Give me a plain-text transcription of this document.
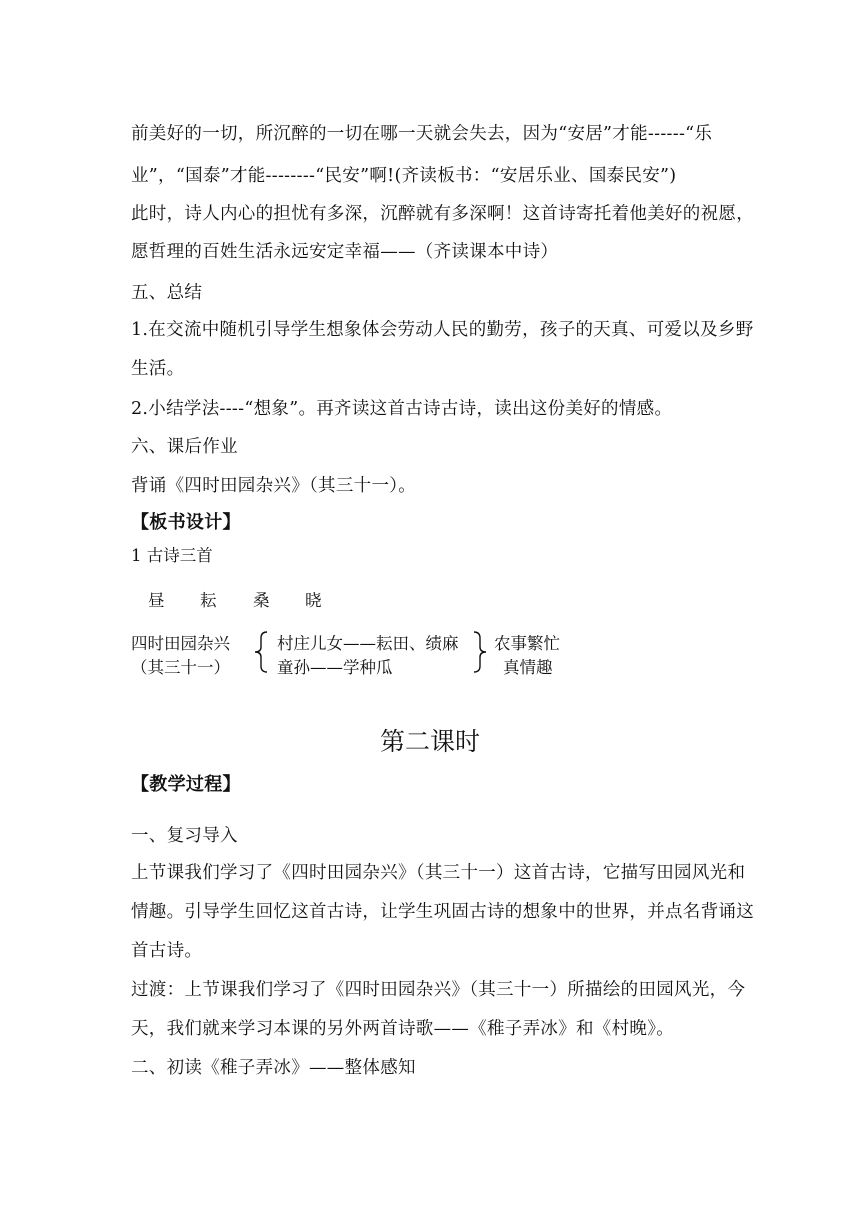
前美好的一切，所沉醉的一切在哪一天就会失去，因为“安居”才能------“乐
业”，“国泰”才能--------“民安”啊!(齐读板书：“安居乐业、国泰民安”)
此时，诗人内心的担忧有多深，沉醉就有多深啊！这首诗寄托着他美好的祝愿，
愿哲理的百姓生活永远安定幸福——（齐读课本中诗）
五、总结
1.在交流中随机引导学生想象体会劳动人民的勤劳，孩子的天真、可爱以及乡野
生活。
2.小结学法----“想象”。再齐读这首古诗古诗，读出这份美好的情感。
六、课后作业
背诵《四时田园杂兴》（其三十一）。
【板书设计】
1 古诗三首
昼 耘 桑 晓
四时田园杂兴
（其三十一）
村庄儿女——耘田、绩麻
童孙——学种瓜
农事繁忙
真情趣
第二课时
【教学过程】
一、复习导入
上节课我们学习了《四时田园杂兴》（其三十一）这首古诗，它描写田园风光和
情趣。引导学生回忆这首古诗，让学生巩固古诗的想象中的世界，并点名背诵这
首古诗。
过渡：上节课我们学习了《四时田园杂兴》（其三十一）所描绘的田园风光，今
天，我们就来学习本课的另外两首诗歌——《稚子弄冰》和《村晚》。
二、初读《稚子弄冰》——整体感知
